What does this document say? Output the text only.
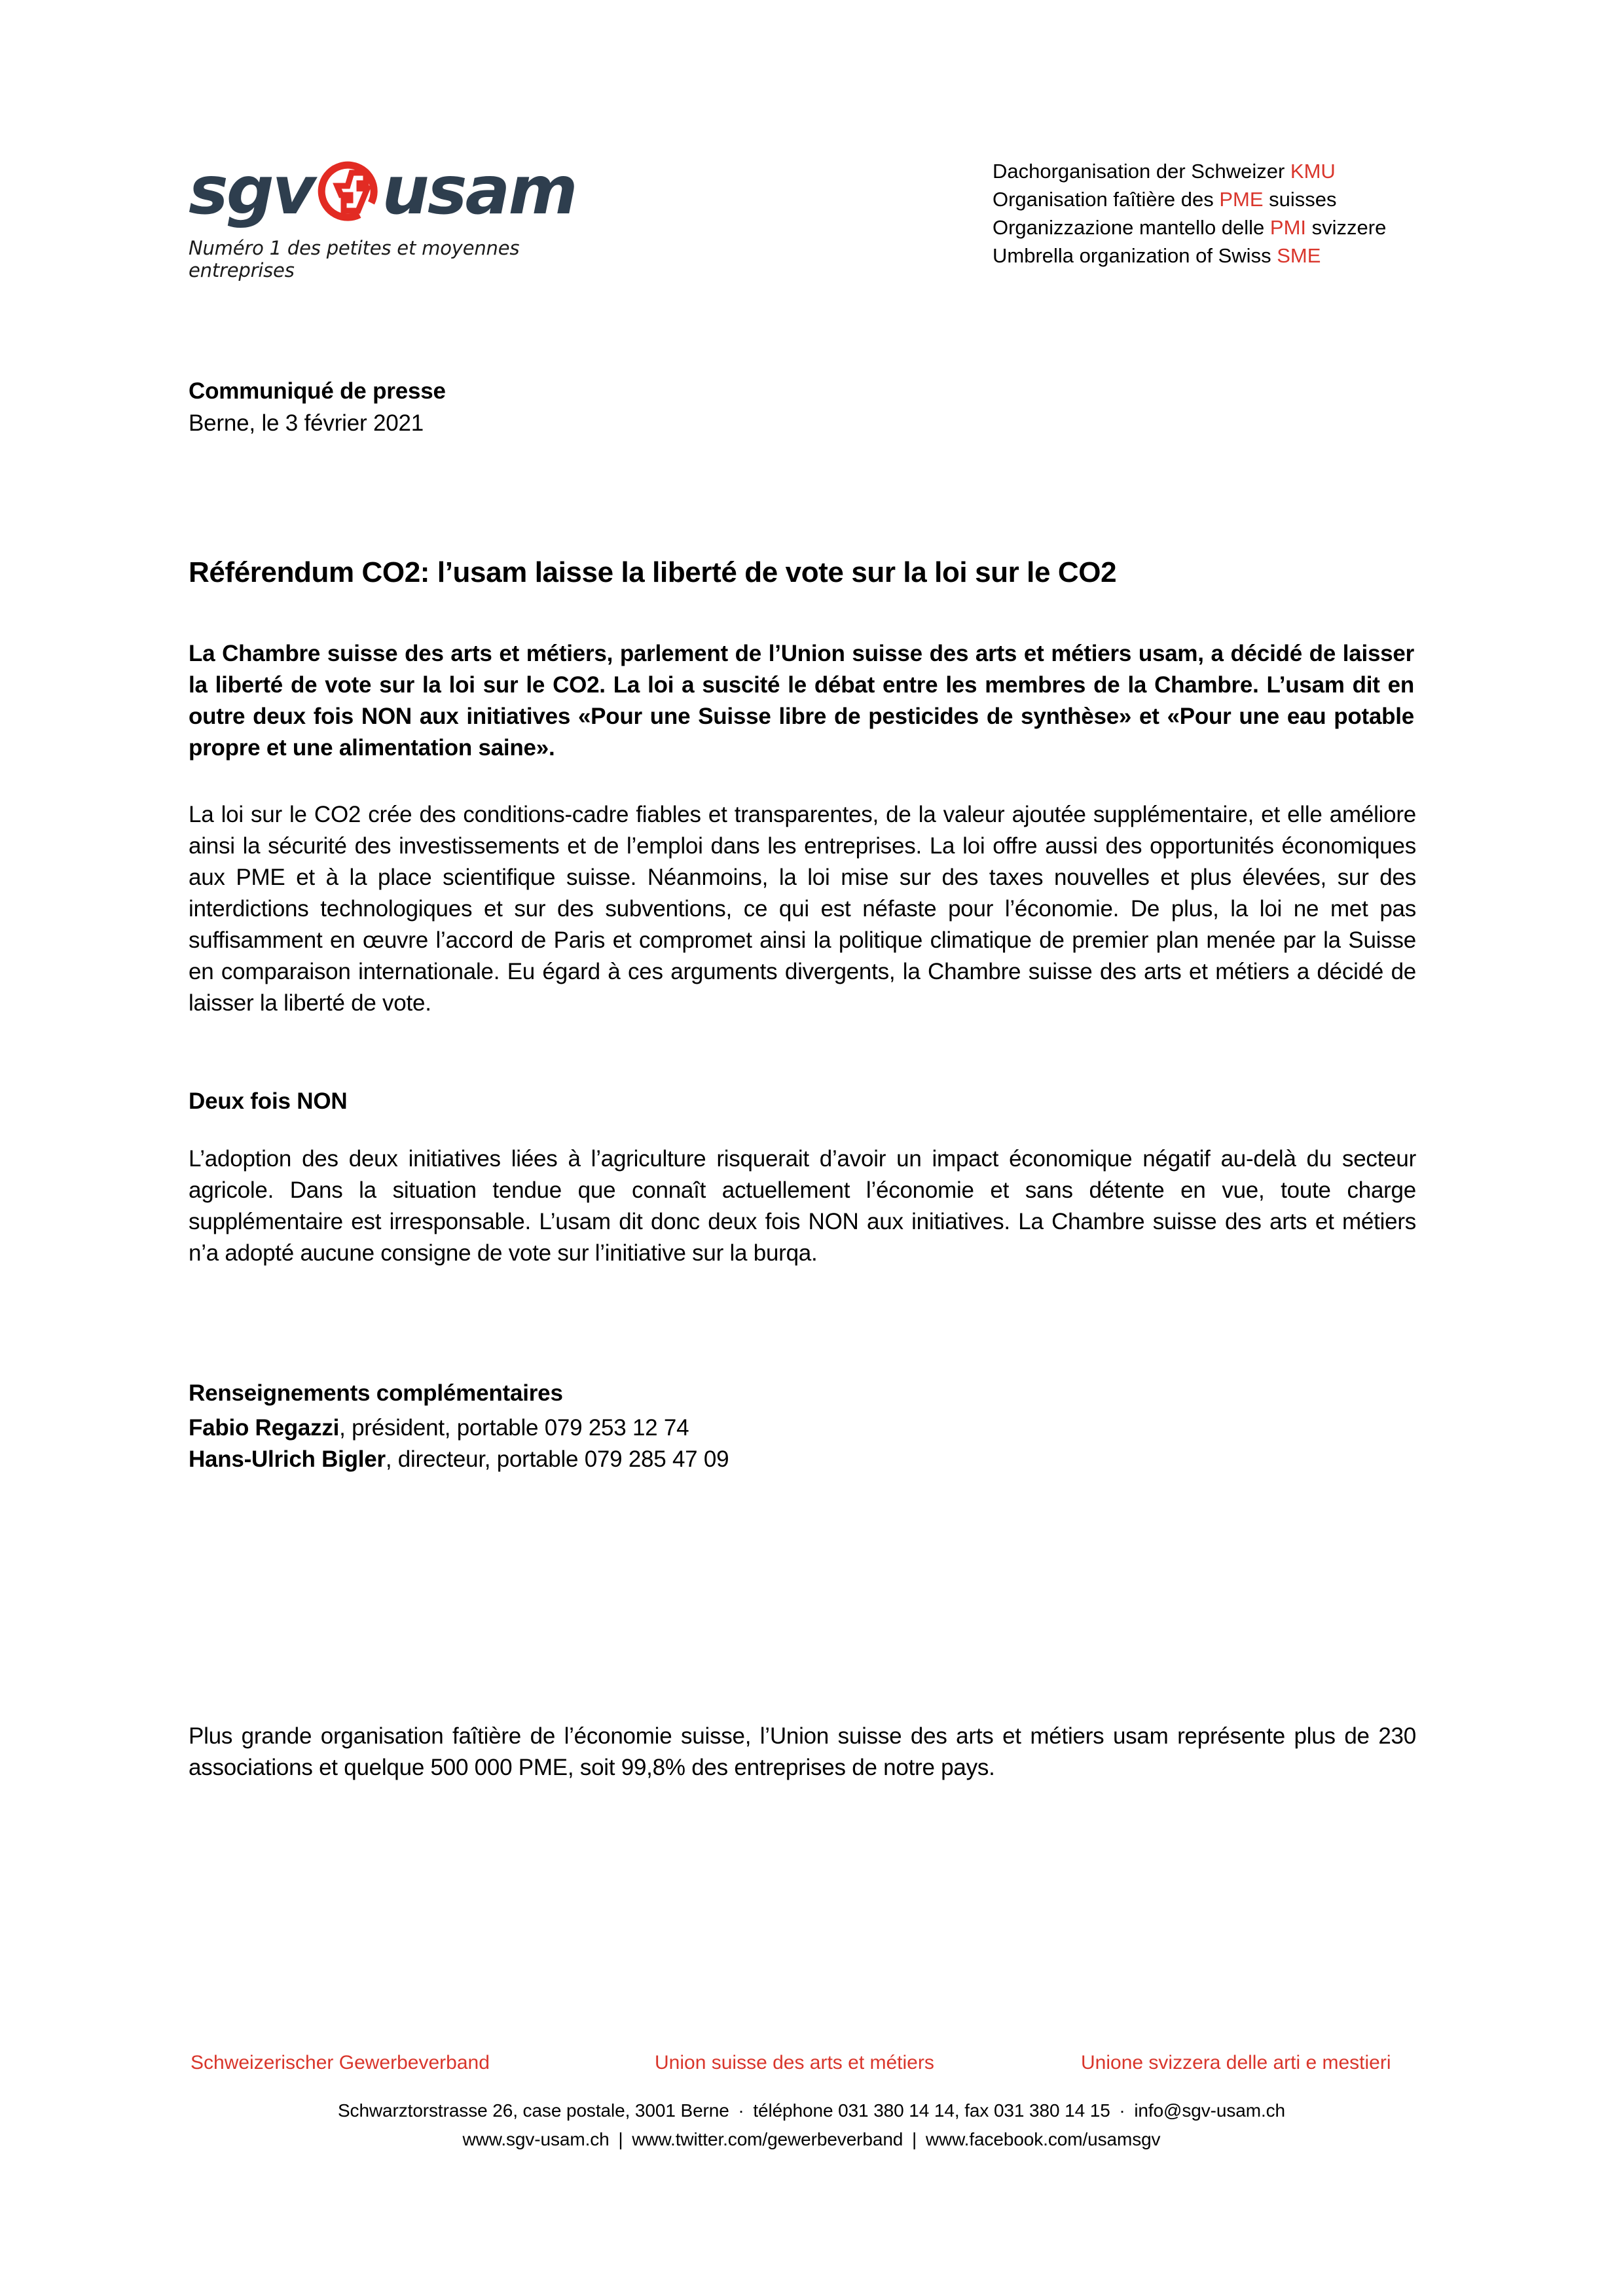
sgv usam
Numéro 1 des petites et moyennes entreprises
Dachorganisation der Schweizer KMU
Organisation faîtière des PME suisses
Organizzazione mantello delle PMI svizzere
Umbrella organization of Swiss SME
Communiqué de presse
Berne, le 3 février 2021
Référendum CO2: l’usam laisse la liberté de vote sur la loi sur le CO2

La Chambre suisse des arts et métiers, parlement de l’Union suisse des arts et métiers usam, a décidé de laisser la liberté de vote sur la loi sur le CO2. La loi a suscité le débat entre les membres de la Chambre. L’usam dit en outre deux fois NON aux initiatives «Pour une Suisse libre de pesticides de synthèse» et «Pour une eau potable propre et une alimentation saine».

La loi sur le CO2 crée des conditions-cadre fiables et transparentes, de la valeur ajoutée supplémentaire, et elle améliore ainsi la sécurité des investissements et de l’emploi dans les entreprises. La loi offre aussi des opportunités économiques aux PME et à la place scientifique suisse. Néanmoins, la loi mise sur des taxes nouvelles et plus élevées, sur des interdictions technologiques et sur des subventions, ce qui est néfaste pour l’économie. De plus, la loi ne met pas suffisamment en œuvre l’accord de Paris et compromet ainsi la politique climatique de premier plan menée par la Suisse en comparaison internationale. Eu égard à ces arguments divergents, la Chambre suisse des arts et métiers a décidé de laisser la liberté de vote.

Deux fois NON

L’adoption des deux initiatives liées à l’agriculture risquerait d’avoir un impact économique négatif au-delà du secteur agricole. Dans la situation tendue que connaît actuellement l’économie et sans détente en vue, toute charge supplémentaire est irresponsable. L’usam dit donc deux fois NON aux initiatives. La Chambre suisse des arts et métiers n’a adopté aucune consigne de vote sur l’initiative sur la burqa.

Renseignements complémentaires
Fabio Regazzi, président, portable 079 253 12 74
Hans-Ulrich Bigler, directeur, portable 079 285 47 09

Plus grande organisation faîtière de l’économie suisse, l’Union suisse des arts et métiers usam représente plus de 230 associations et quelque 500 000 PME, soit 99,8% des entreprises de notre pays.

Schweizerischer Gewerbeverband	Union suisse des arts et métiers	Unione svizzera delle arti e mestieri
Schwarztorstrasse 26, case postale, 3001 Berne · téléphone 031 380 14 14, fax 031 380 14 15 · info@sgv-usam.ch
www.sgv-usam.ch | www.twitter.com/gewerbeverband | www.facebook.com/usamsgv
